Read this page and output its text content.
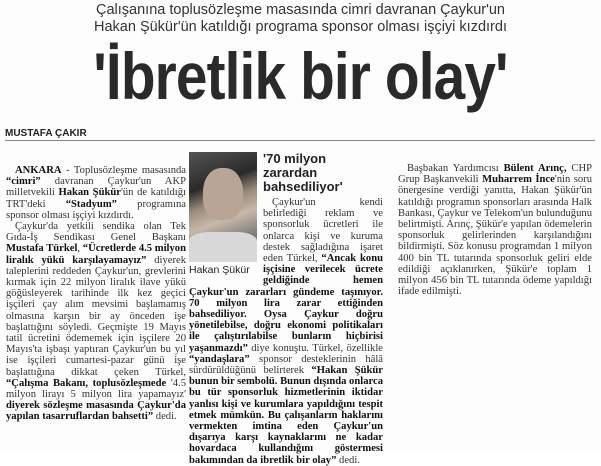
Çalışanına toplusözleşme masasında cimri davranan Çaykur'un
Hakan Şükür'ün katıldığı programa sponsor olması işçiyi kızdırdı
'İbretlik bir olay'
MUSTAFA ÇAKIR

ANKARA - Toplusözleşme masasında “cimri” davranan Çaykur'un AKP milletvekili Hakan Şükür'ün de katıldığı TRT'deki “Stadyum” programına sponsor olması işçiyi kızdırdı.

Çaykur'da yetkili sendika olan Tek Gıda-İş Sendikası Genel Başkanı Mustafa Türkel, “Ücretlerde 4.5 milyon liralık yükü karşılayamayız” diyerek taleplerini reddeden Çaykur'un, grevlerini kırmak için 22 milyon liralık ilave yükü göğüsleyerek tarihinde ilk kez geçici işçileri çay alım mevsimi başlamamış olmasına karşın bir ay önceden işe başlattığını söyledi. Geçmişte 19 Mayıs tatil ücretini ödememek için işçilere 20 Mayıs'ta işbaşı yaptıran Çaykur'un bu yıl ise işçileri cumartesi-pazar günü işe başlattığına dikkat çeken Türkel, “Çalışma Bakanı, toplusözleşmede '4.5 milyon lirayı 5 milyon lira yapamayız' diyerek sözleşme masasında Çaykur'da yapılan tasarruflardan bahsetti” dedi.

'70 milyon zarardan bahsediliyor'
Hakan Şükür

Çaykur'un kendi belirlediği reklam ve sponsorluk ücretleri ile onlarca kişi ve kuruma destek sağladığına işaret eden Türkel, “Ancak konu işçisine verilecek ücrete geldiğinde hemen Çaykur'un zararları gündeme taşınıyor. 70 milyon lira zarar ettiğinden bahsediliyor. Oysa Çaykur doğru yönetilebilse, doğru ekonomi politikaları ile çalıştırılabilse bunların hiçbirisi yaşanmazdı” diye konuştu. Türkel, özellikle “yandaşlara” sponsor desteklerinin hâlâ sürdürüldüğünü belirterek “Hakan Şükür bunun bir sembolü. Bunun dışında onlarca bu tür sponsorluk hizmetlerinin iktidar yanlısı kişi ve kurumlara yapıldığını tespit etmek mümkün. Bu çalışanların haklarını vermekten imtina eden Çaykur'un dışarıya karşı kaynaklarını ne kadar hovardaca kullandığını göstermesi bakımından da ibretlik bir olay” dedi.

Başbakan Yardımcısı Bülent Arınç, CHP Grup Başkanvekili Muharrem İnce'nin soru önergesine verdiği yanıtta, Hakan Şükür'ün katıldığı programın sponsorları arasında Halk Bankası, Çaykur ve Telekom'un bulunduğunu belirtmişti. Arınç, Şükür'e yapılan ödemelerin sponsorluk gelirlerinden karşılandığını bildirmişti. Söz konusu programdan 1 milyon 400 bin TL tutarında sponsorluk geliri elde edildiği açıklanırken, Şükür'e toplam 1 milyon 456 bin TL tutarında ödeme yapıldığı ifade edilmişti.
